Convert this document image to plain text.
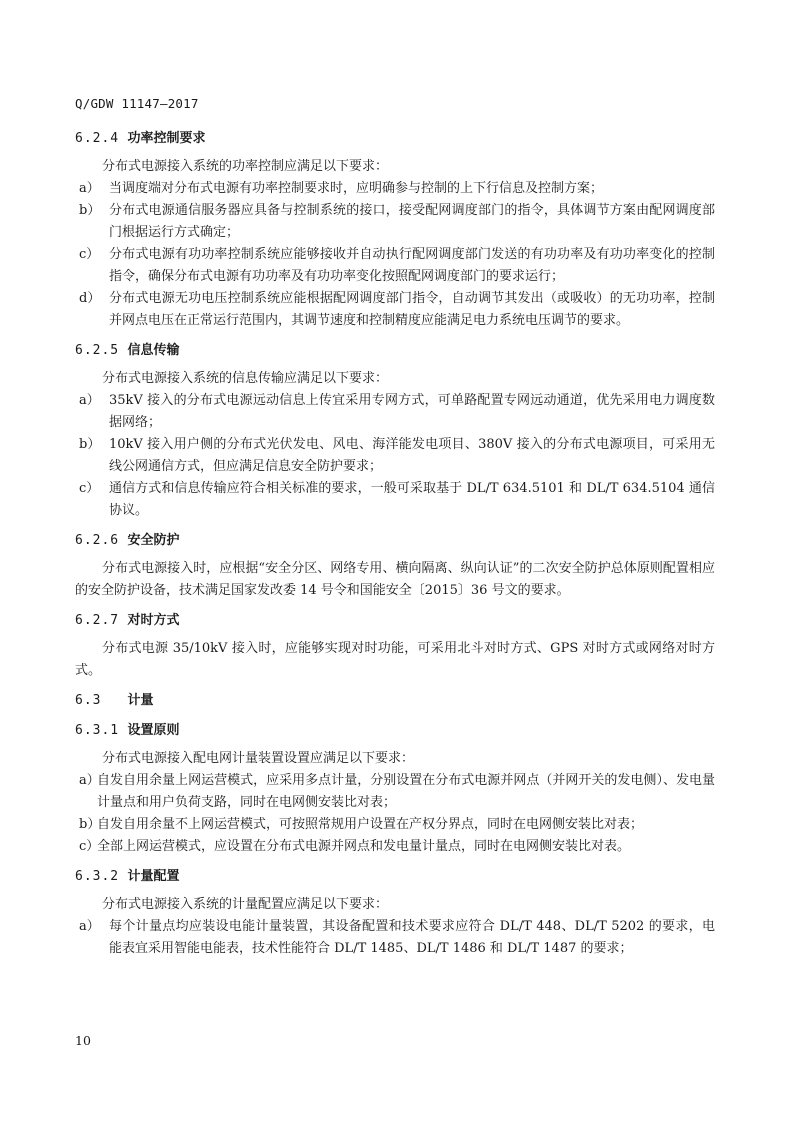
Q/GDW 11147—2017
6.2.4 功率控制要求

分布式电源接入系统的功率控制应满足以下要求：

a） 当调度端对分布式电源有功率控制要求时，应明确参与控制的上下行信息及控制方案；
b） 分布式电源通信服务器应具备与控制系统的接口，接受配网调度部门的指令，具体调节方案由配网调度部门根据运行方式确定；
c） 分布式电源有功功率控制系统应能够接收并自动执行配网调度部门发送的有功功率及有功功率变化的控制指令，确保分布式电源有功功率及有功功率变化按照配网调度部门的要求运行；
d） 分布式电源无功电压控制系统应能根据配网调度部门指令，自动调节其发出（或吸收）的无功功率，控制并网点电压在正常运行范围内，其调节速度和控制精度应能满足电力系统电压调节的要求。
6.2.5 信息传输

分布式电源接入系统的信息传输应满足以下要求：

a） 35kV 接入的分布式电源远动信息上传宜采用专网方式，可单路配置专网远动通道，优先采用电力调度数据网络；
b） 10kV 接入用户侧的分布式光伏发电、风电、海洋能发电项目、380V 接入的分布式电源项目，可采用无线公网通信方式，但应满足信息安全防护要求；
c） 通信方式和信息传输应符合相关标准的要求，一般可采取基于 DL/T 634.5101 和 DL/T 634.5104 通信协议。
6.2.6 安全防护

分布式电源接入时，应根据“安全分区、网络专用、横向隔离、纵向认证”的二次安全防护总体原则配置相应的安全防护设备，技术满足国家发改委 14 号令和国能安全〔2015〕36 号文的要求。

6.2.7 对时方式

分布式电源 35/10kV 接入时，应能够实现对时功能，可采用北斗对时方式、GPS 对时方式或网络对时方式。

6.3 计量
6.3.1 设置原则

分布式电源接入配电网计量装置设置应满足以下要求：

a）
自发自用余量上网运营模式，应采用多点计量，分别设置在分布式电源并网点（并网开关的发电侧）、发电量计量点和用户负荷支路，同时在电网侧安装比对表；
b）
自发自用余量不上网运营模式，可按照常规用户设置在产权分界点，同时在电网侧安装比对表；
c）
全部上网运营模式，应设置在分布式电源并网点和发电量计量点，同时在电网侧安装比对表。
6.3.2 计量配置

分布式电源接入系统的计量配置应满足以下要求：

a） 每个计量点均应装设电能计量装置，其设备配置和技术要求应符合 DL/T 448、DL/T 5202 的要求，电能表宜采用智能电能表，技术性能符合 DL/T 1485、DL/T 1486 和 DL/T 1487 的要求；
10
